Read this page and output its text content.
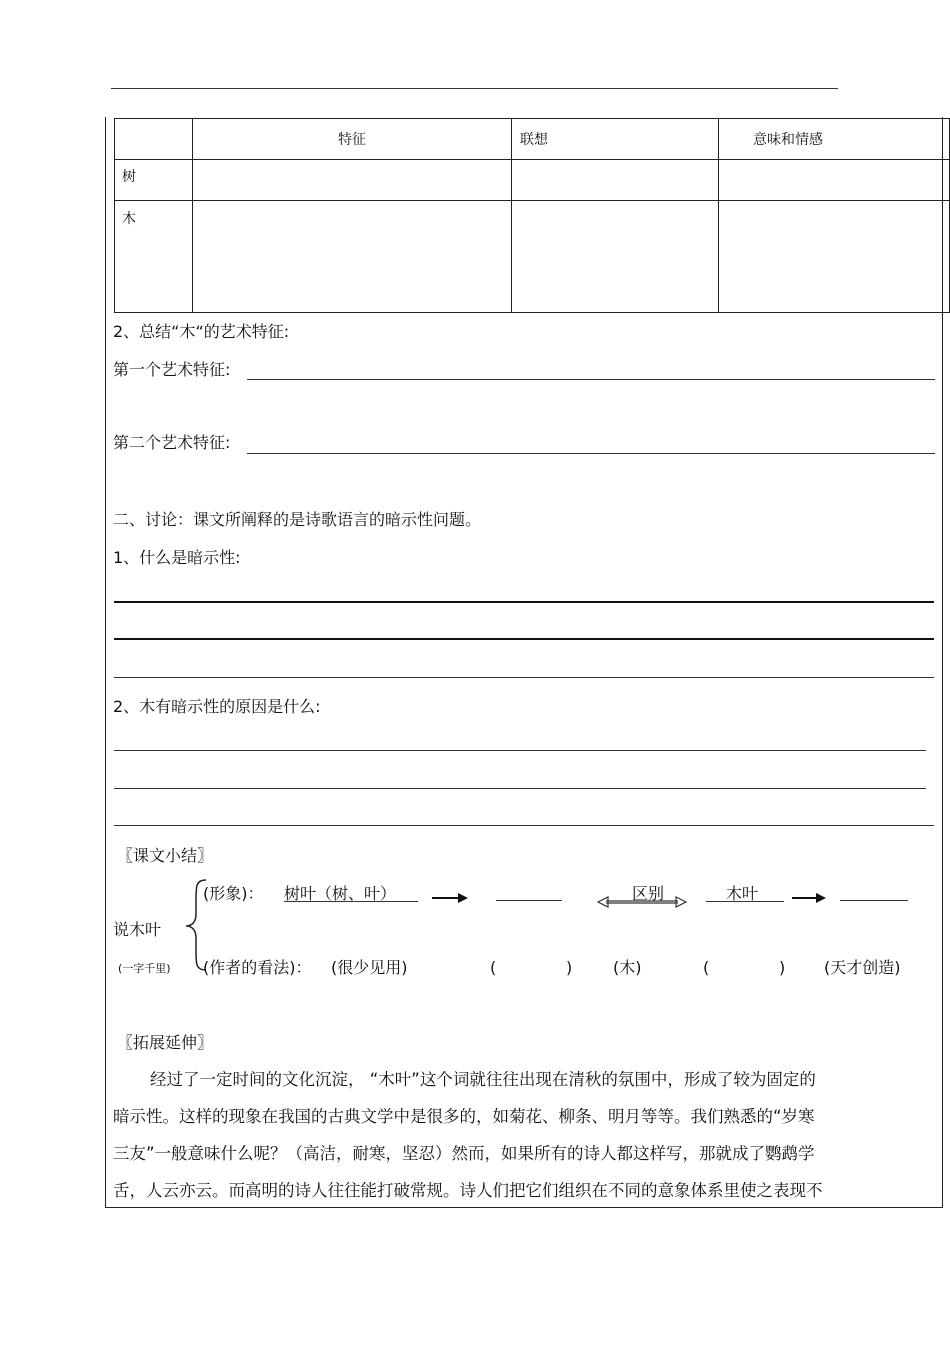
	特征	联想	意味和情感
树			
木			
2、总结“木“的艺术特征:
第一个艺术特征:
第二个艺术特征:
二、讨论：课文所阐释的是诗歌语言的暗示性问题。
1、什么是暗示性:
2、木有暗示性的原因是什么:
〖课文小结〗
说木叶
(一字千里)
(形象)： 树叶（树、叶）	区别	木叶
(作者的看法)： (很少见用)	(	)	(木)	(	) (天才创造)
〖拓展延伸〗
经过了一定时间的文化沉淀， “木叶”这个词就往往出现在清秋的氛围中，形成了较为固定的
暗示性。这样的现象在我国的古典文学中是很多的，如菊花、柳条、明月等等。我们熟悉的“岁寒
三友”一般意味什么呢？（高洁，耐寒，坚忍）然而，如果所有的诗人都这样写，那就成了鹦鹉学
舌，人云亦云。而高明的诗人往往能打破常规。诗人们把它们组织在不同的意象体系里使之表现不
